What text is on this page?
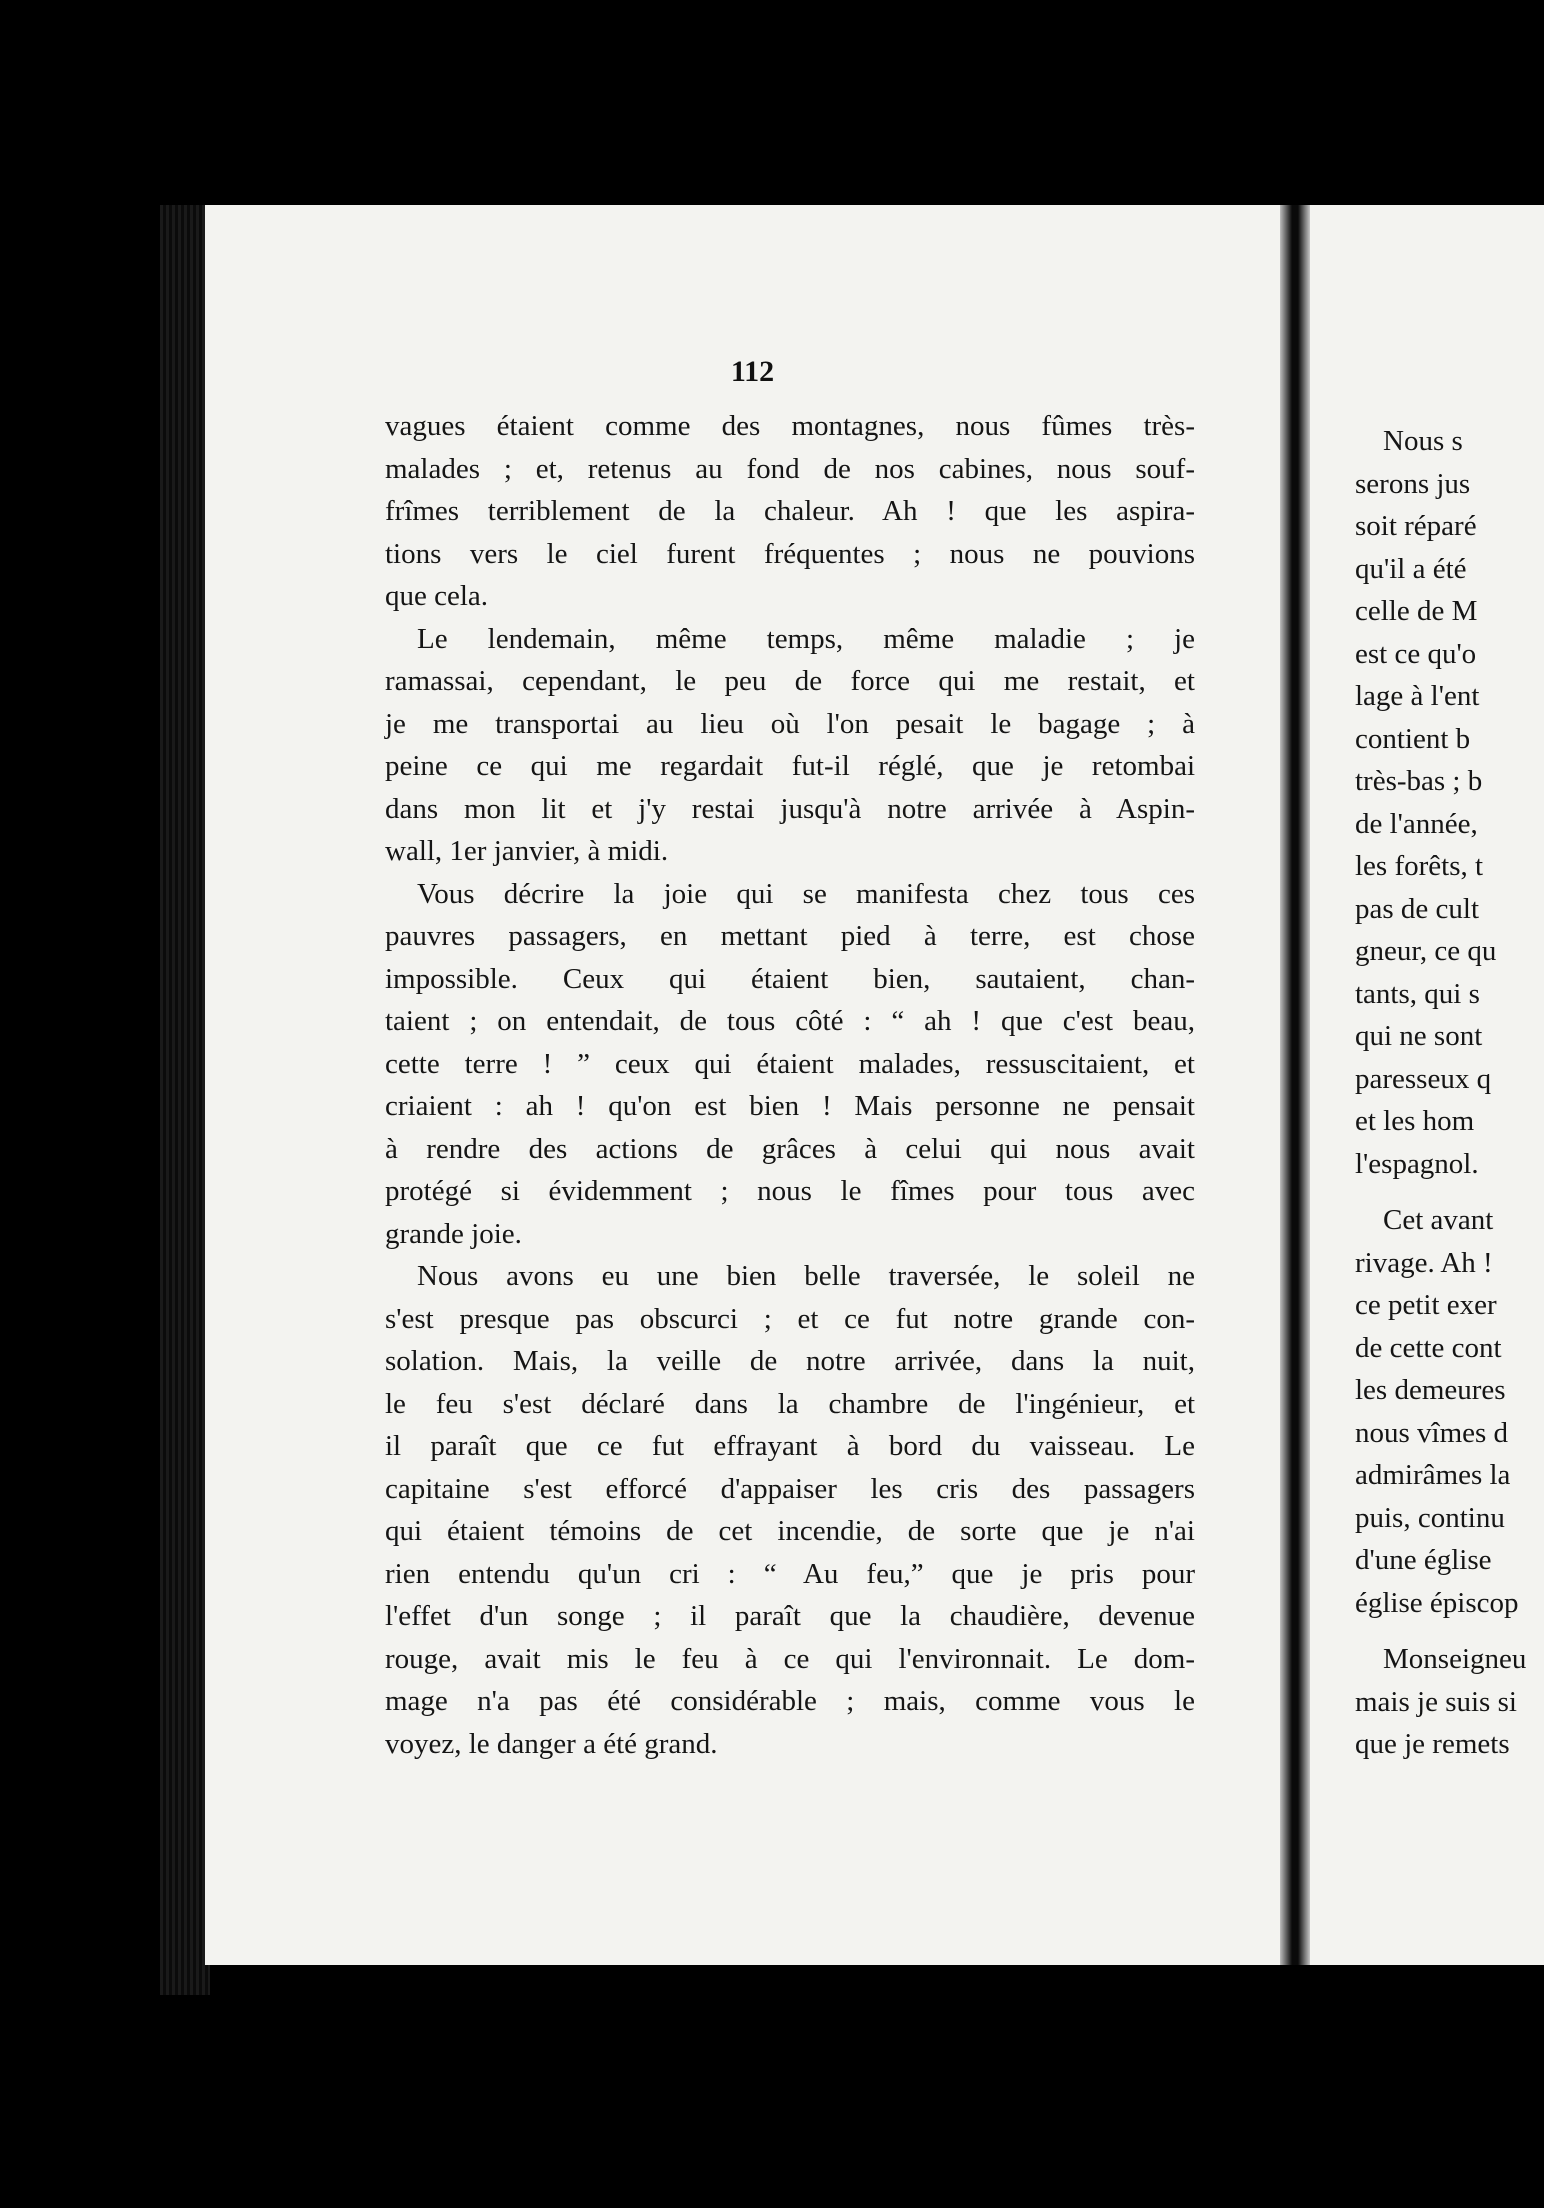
112
vagues étaient comme des montagnes, nous fûmes très-
malades ; et, retenus au fond de nos cabines, nous souf-
frîmes terriblement de la chaleur. Ah ! que les aspira-
tions vers le ciel furent fréquentes ; nous ne pouvions
que cela.
Le lendemain, même temps, même maladie ; je
ramassai, cependant, le peu de force qui me restait, et
je me transportai au lieu où l'on pesait le bagage ; à
peine ce qui me regardait fut-il réglé, que je retombai
dans mon lit et j'y restai jusqu'à notre arrivée à Aspin-
wall, 1er janvier, à midi.
Vous décrire la joie qui se manifesta chez tous ces
pauvres passagers, en mettant pied à terre, est chose
impossible. Ceux qui étaient bien, sautaient, chan-
taient ; on entendait, de tous côté : “ ah ! que c'est beau,
cette terre ! ” ceux qui étaient malades, ressuscitaient, et
criaient : ah ! qu'on est bien ! Mais personne ne pensait
à rendre des actions de grâces à celui qui nous avait
protégé si évidemment ; nous le fîmes pour tous avec
grande joie.
Nous avons eu une bien belle traversée, le soleil ne
s'est presque pas obscurci ; et ce fut notre grande con-
solation. Mais, la veille de notre arrivée, dans la nuit,
le feu s'est déclaré dans la chambre de l'ingénieur, et
il paraît que ce fut effrayant à bord du vaisseau. Le
capitaine s'est efforcé d'appaiser les cris des passagers
qui étaient témoins de cet incendie, de sorte que je n'ai
rien entendu qu'un cri : “ Au feu,” que je pris pour
l'effet d'un songe ; il paraît que la chaudière, devenue
rouge, avait mis le feu à ce qui l'environnait. Le dom-
mage n'a pas été considérable ; mais, comme vous le
voyez, le danger a été grand.
Nous s
serons jus
soit réparé
qu'il a été
celle de M
est ce qu'o
lage à l'ent
contient b
très-bas ; b
de l'année,
les forêts, t
pas de cult
gneur, ce qu
tants, qui s
qui ne sont
paresseux q
et les hom
l'espagnol.
Cet avant
rivage. Ah !
ce petit exer
de cette cont
les demeures
nous vîmes d
admirâmes la
puis, continu
d'une église
église épiscop
Monseigneu
mais je suis si
que je remets
